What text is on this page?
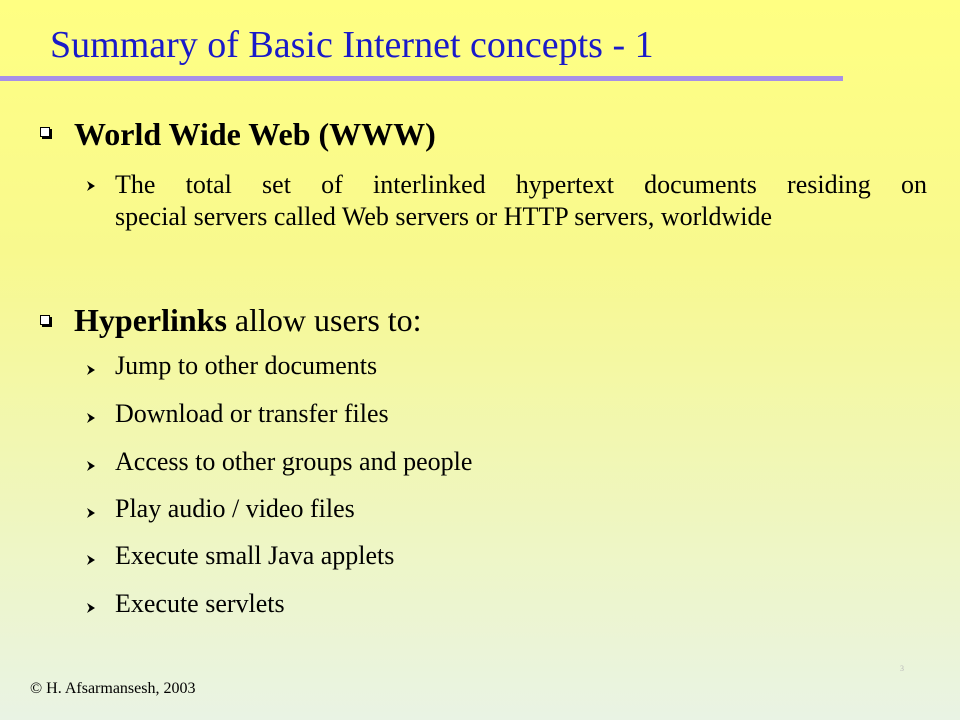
Summary of Basic Internet concepts - 1
World Wide Web (WWW)
The total set of interlinked hypertext documents residing on
special servers called Web servers or HTTP servers, worldwide
Hyperlinks allow users to:
Jump to other documents
Download or transfer files
Access to other groups and people
Play audio / video files
Execute small Java applets
Execute servlets
© H. Afsarmansesh, 2003
3
